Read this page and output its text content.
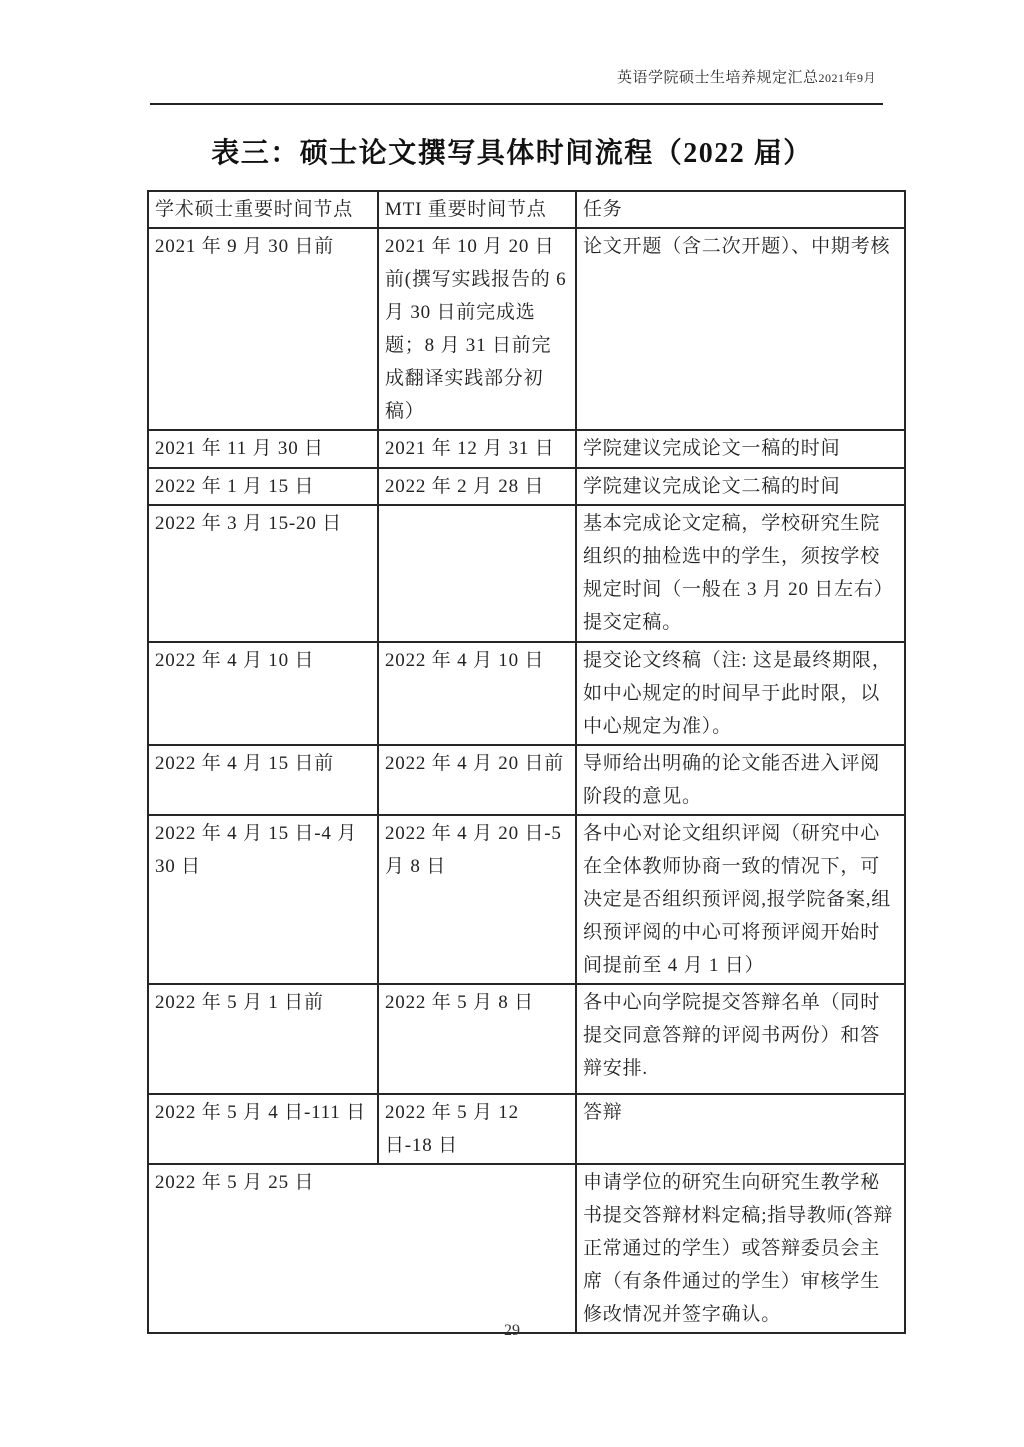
英语学院硕士生培养规定汇总2021年9月
表三：硕士论文撰写具体时间流程（2022 届）
学术硕士重要时间节点	MTI 重要时间节点	任务
2021 年 9 月 30 日前	2021 年 10 月 20 日前(撰写实践报告的 6 月 30 日前完成选题；8 月 31 日前完成翻译实践部分初稿）	论文开题（含二次开题）、中期考核
2021 年 11 月 30 日	2021 年 12 月 31 日	学院建议完成论文一稿的时间
2022 年 1 月 15 日	2022 年 2 月 28 日	学院建议完成论文二稿的时间
2022 年 3 月 15-20 日		基本完成论文定稿，学校研究生院组织的抽检选中的学生，须按学校规定时间（一般在 3 月 20 日左右）提交定稿。
2022 年 4 月 10 日	2022 年 4 月 10 日	提交论文终稿（注: 这是最终期限，如中心规定的时间早于此时限，以中心规定为准）。
2022 年 4 月 15 日前	2022 年 4 月 20 日前	导师给出明确的论文能否进入评阅阶段的意见。
2022 年 4 月 15 日-4 月 30 日	2022 年 4 月 20 日-5 月 8 日	各中心对论文组织评阅（研究中心在全体教师协商一致的情况下，可决定是否组织预评阅,报学院备案,组织预评阅的中心可将预评阅开始时间提前至 4 月 1 日）
2022 年 5 月 1 日前	2022 年 5 月 8 日	各中心向学院提交答辩名单（同时提交同意答辩的评阅书两份）和答辩安排.
2022 年 5 月 4 日-111 日	2022 年 5 月 12 日-18 日	答辩
2022 年 5 月 25 日		申请学位的研究生向研究生教学秘书提交答辩材料定稿;指导教师(答辩正常通过的学生）或答辩委员会主席（有条件通过的学生）审核学生修改情况并签字确认。
29
